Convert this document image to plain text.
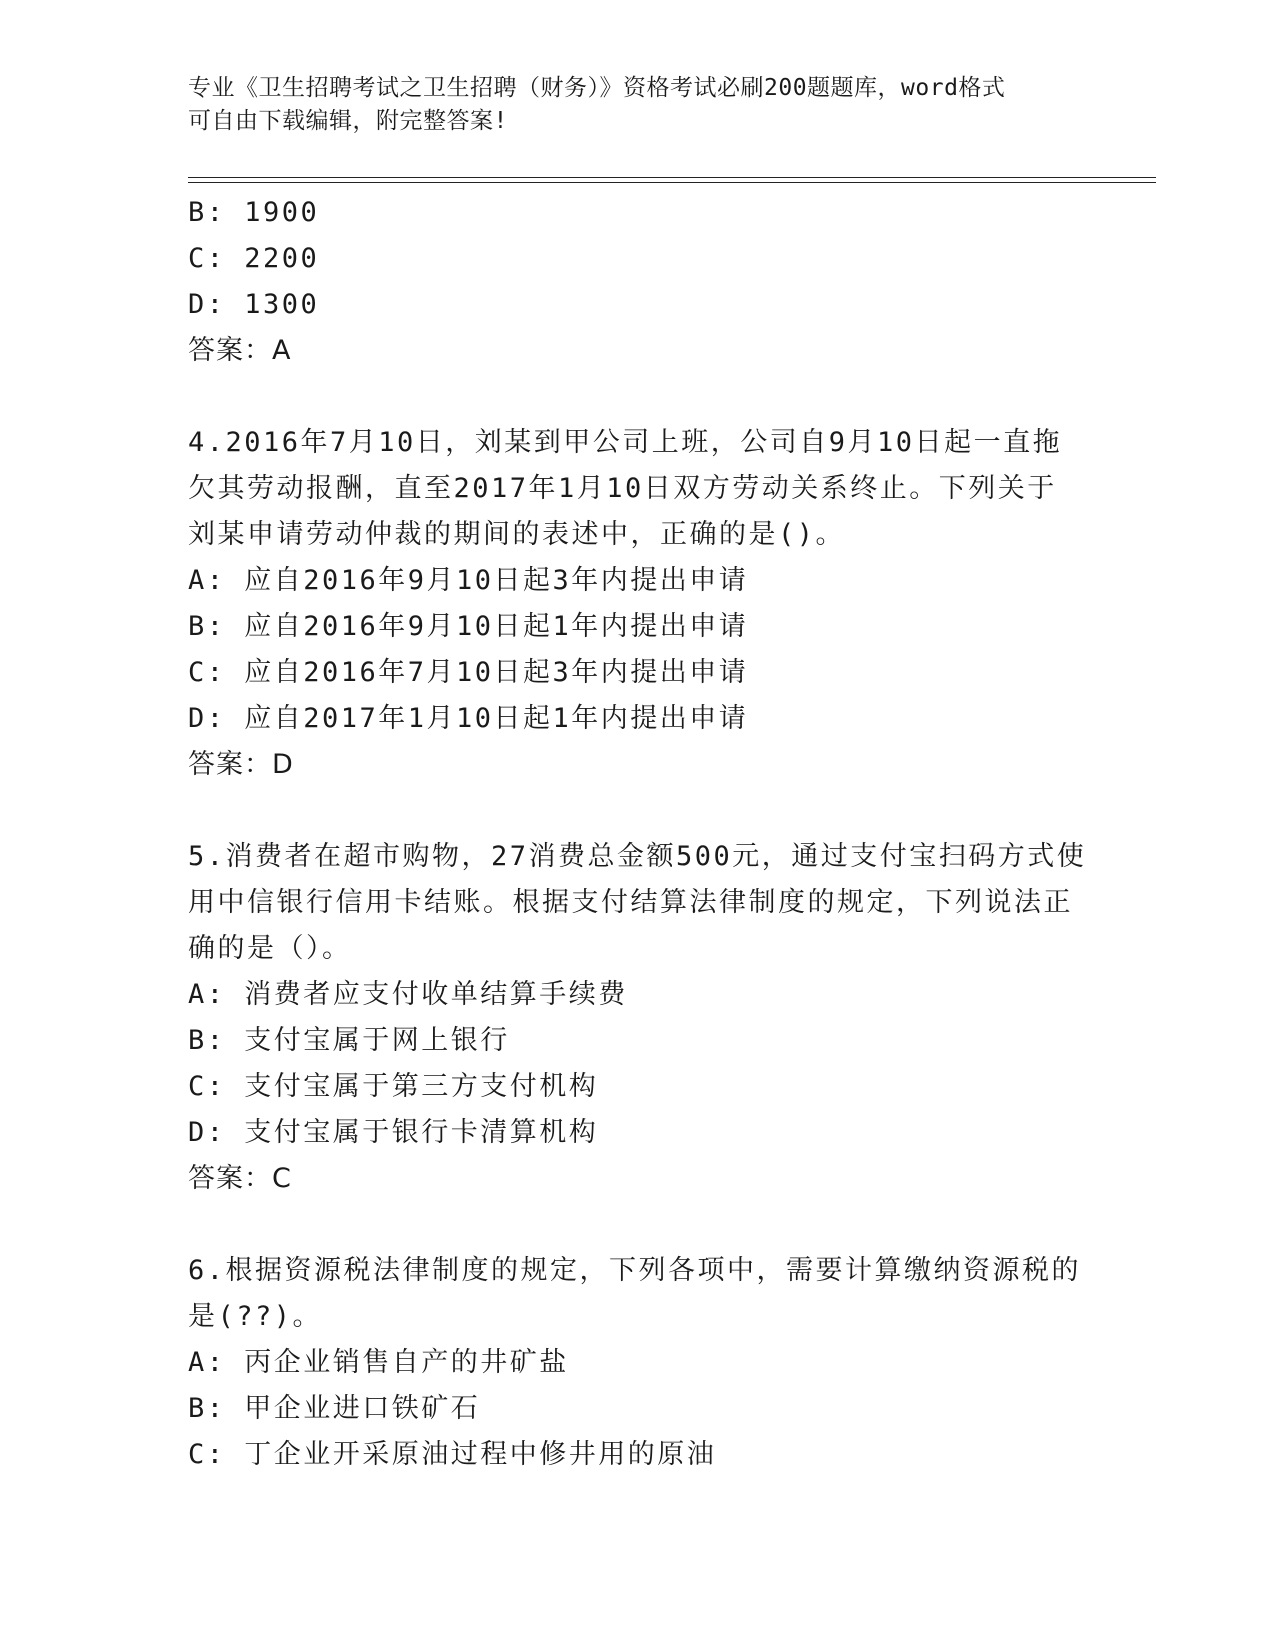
专业《卫生招聘考试之卫生招聘（财务）》资格考试必刷200题题库，word格式
可自由下载编辑，附完整答案!
B: 1900
C: 2200
D: 1300
答案：A
4.2016年7月10日，刘某到甲公司上班，公司自9月10日起一直拖
欠其劳动报酬，直至2017年1月10日双方劳动关系终止。下列关于
刘某申请劳动仲裁的期间的表述中，正确的是()。
A: 应自2016年9月10日起3年内提出申请
B: 应自2016年9月10日起1年内提出申请
C: 应自2016年7月10日起3年内提出申请
D: 应自2017年1月10日起1年内提出申请
答案：D
5.消费者在超市购物，27消费总金额500元，通过支付宝扫码方式使
用中信银行信用卡结账。根据支付结算法律制度的规定，下列说法正
确的是（）。
A: 消费者应支付收单结算手续费
B: 支付宝属于网上银行
C: 支付宝属于第三方支付机构
D: 支付宝属于银行卡清算机构
答案：C
6.根据资源税法律制度的规定，下列各项中，需要计算缴纳资源税的
是(??)。
A: 丙企业销售自产的井矿盐
B: 甲企业进口铁矿石
C: 丁企业开采原油过程中修井用的原油
